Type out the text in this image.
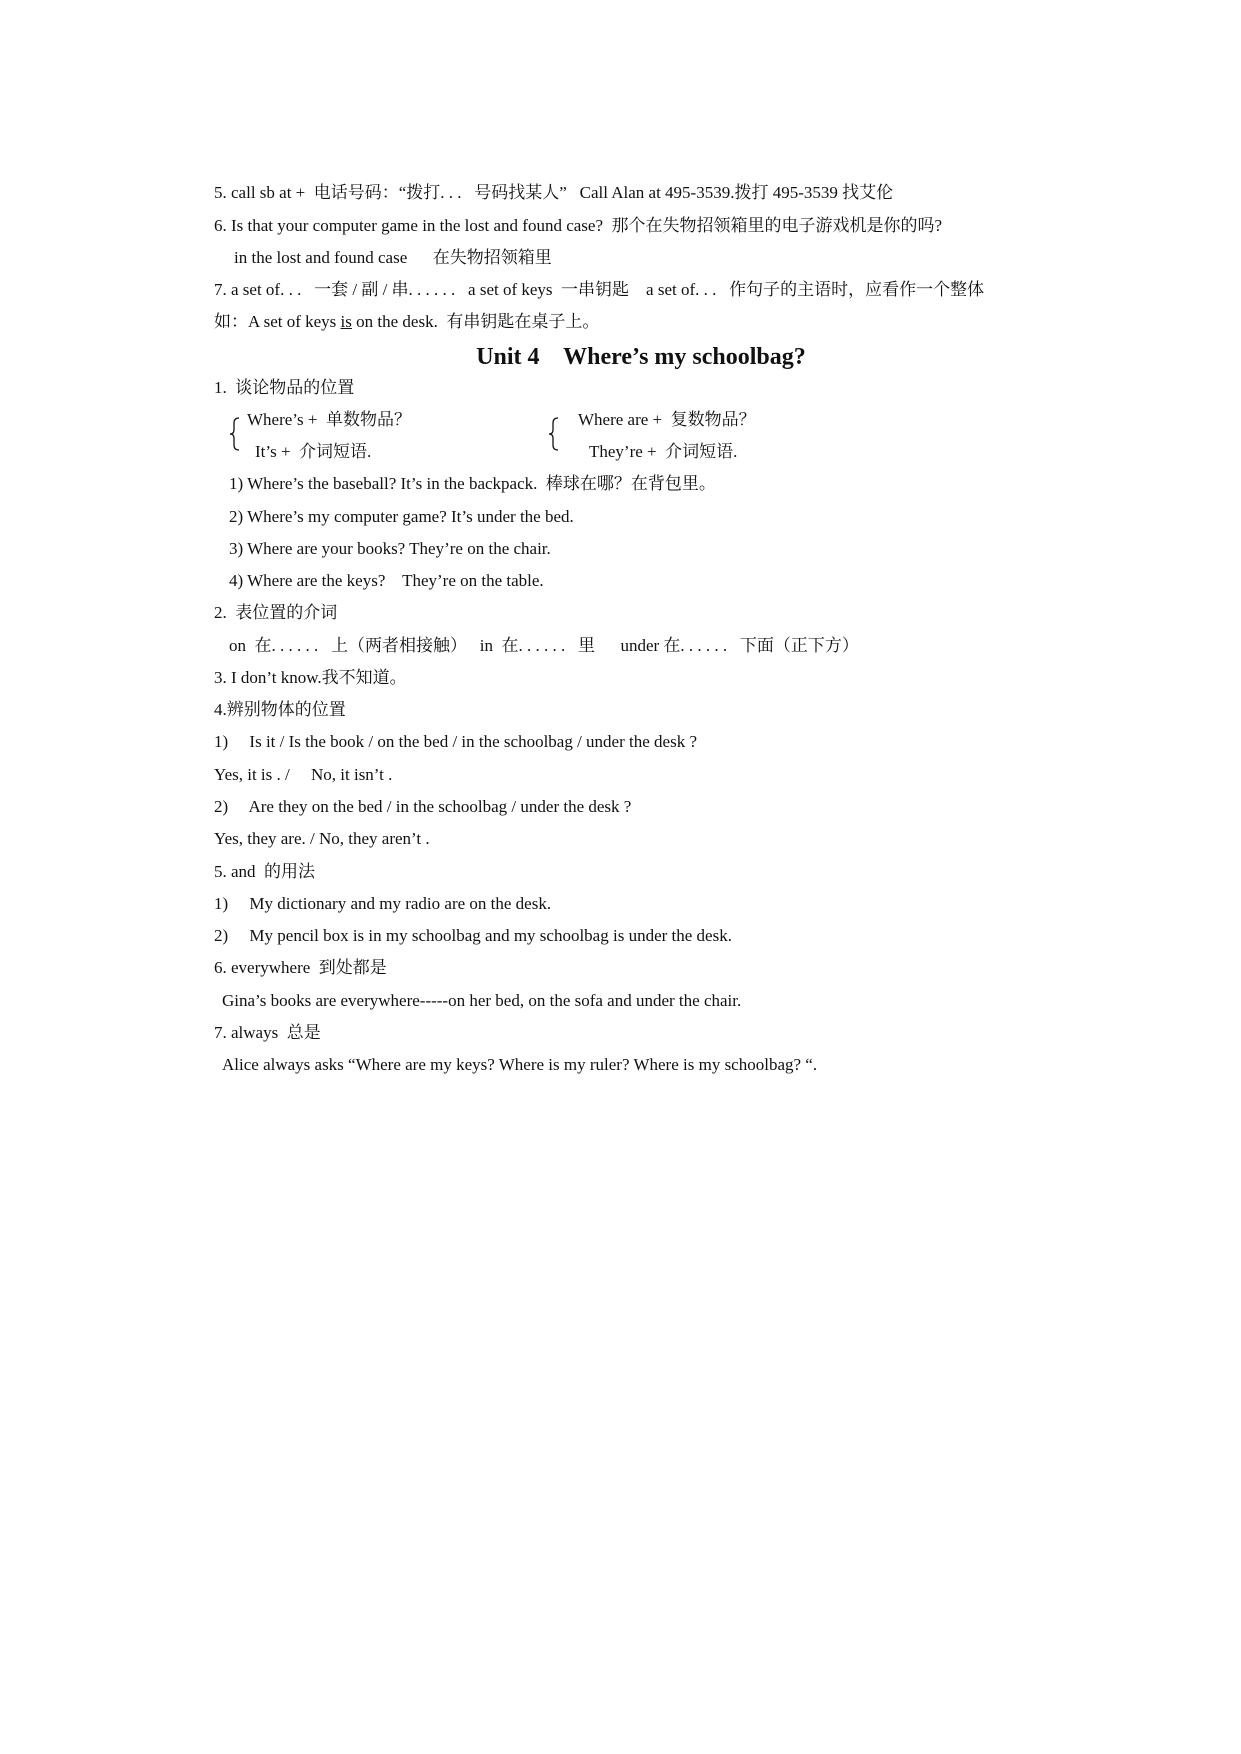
5. call sb at +  电话号码：“拨打. . .   号码找某人”   Call Alan at 495-3539.拨打 495-3539 找艾伦
6. Is that your computer game in the lost and found case?  那个在失物招领箱里的电子游戏机是你的吗?
in the lost and found case      在失物招领箱里
7. a set of. . .   一套 / 副 / 串. . . . . .   a set of keys  一串钥匙    a set of. . .   作句子的主语时，应看作一个整体
如：A set of keys is on the desk.  有串钥匙在桌子上。
Unit 4    Where’s my schoolbag?
1.  谈论物品的位置
Where’s +  单数物品？
It’s +  介词短语.
Where are +  复数物品？
They’re +  介词短语.
1) Where’s the baseball? It’s in the backpack.  棒球在哪？在背包里。
2) Where’s my computer game? It’s under the bed.
3) Where are your books? They’re on the chair.
4) Where are the keys?    They’re on the table.
2.  表位置的介词
on  在. . . . . .   上（两者相接触）   in  在. . . . . .   里      under 在. . . . . .   下面（正下方）
3. I don’t know.我不知道。
4.辨别物体的位置
1)     Is it / Is the book / on the bed / in the schoolbag / under the desk ?
Yes, it is . /     No, it isn’t .
2)     Are they on the bed / in the schoolbag / under the desk ?
Yes, they are. / No, they aren’t .
5. and  的用法
1)     My dictionary and my radio are on the desk.
2)     My pencil box is in my schoolbag and my schoolbag is under the desk.
6. everywhere  到处都是
Gina’s books are everywhere-----on her bed, on the sofa and under the chair.
7. always  总是
Alice always asks “Where are my keys? Where is my ruler? Where is my schoolbag? “.
